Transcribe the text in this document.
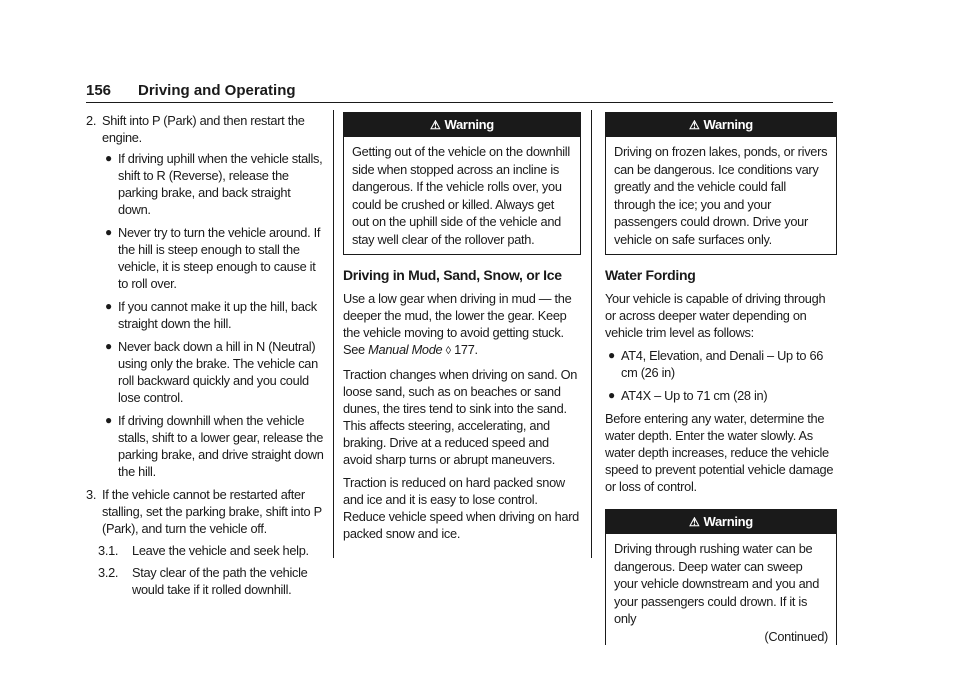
156 Driving and Operating
2. Shift into P (Park) and then restart the engine.
● If driving uphill when the vehicle stalls, shift to R (Reverse), release the parking brake, and back straight down.
● Never try to turn the vehicle around. If the hill is steep enough to stall the vehicle, it is steep enough to cause it to roll over.
● If you cannot make it up the hill, back straight down the hill.
● Never back down a hill in N (Neutral) using only the brake. The vehicle can roll backward quickly and you could lose control.
● If driving downhill when the vehicle stalls, shift to a lower gear, release the parking brake, and drive straight down the hill.
3. If the vehicle cannot be restarted after stalling, set the parking brake, shift into P (Park), and turn the vehicle off.
3.1. Leave the vehicle and seek help.
3.2. Stay clear of the path the vehicle would take if it rolled downhill.
⚠ Warning
Getting out of the vehicle on the downhill side when stopped across an incline is dangerous. If the vehicle rolls over, you could be crushed or killed. Always get out on the uphill side of the vehicle and stay well clear of the rollover path.
Driving in Mud, Sand, Snow, or Ice

Use a low gear when driving in mud — the deeper the mud, the lower the gear. Keep the vehicle moving to avoid getting stuck. See Manual Mode ◊ 177.

Traction changes when driving on sand. On loose sand, such as on beaches or sand dunes, the tires tend to sink into the sand. This affects steering, accelerating, and braking. Drive at a reduced speed and avoid sharp turns or abrupt maneuvers.

Traction is reduced on hard packed snow and ice and it is easy to lose control. Reduce vehicle speed when driving on hard packed snow and ice.

⚠ Warning
Driving on frozen lakes, ponds, or rivers can be dangerous. Ice conditions vary greatly and the vehicle could fall through the ice; you and your passengers could drown. Drive your vehicle on safe surfaces only.
Water Fording

Your vehicle is capable of driving through or across deeper water depending on vehicle trim level as follows:

● AT4, Elevation, and Denali – Up to 66 cm (26 in)
● AT4X – Up to 71 cm (28 in)

Before entering any water, determine the water depth. Enter the water slowly. As water depth increases, reduce the vehicle speed to prevent potential vehicle damage or loss of control.

⚠ Warning
Driving through rushing water can be dangerous. Deep water can sweep your vehicle downstream and you and your passengers could drown. If it is only
(Continued)
